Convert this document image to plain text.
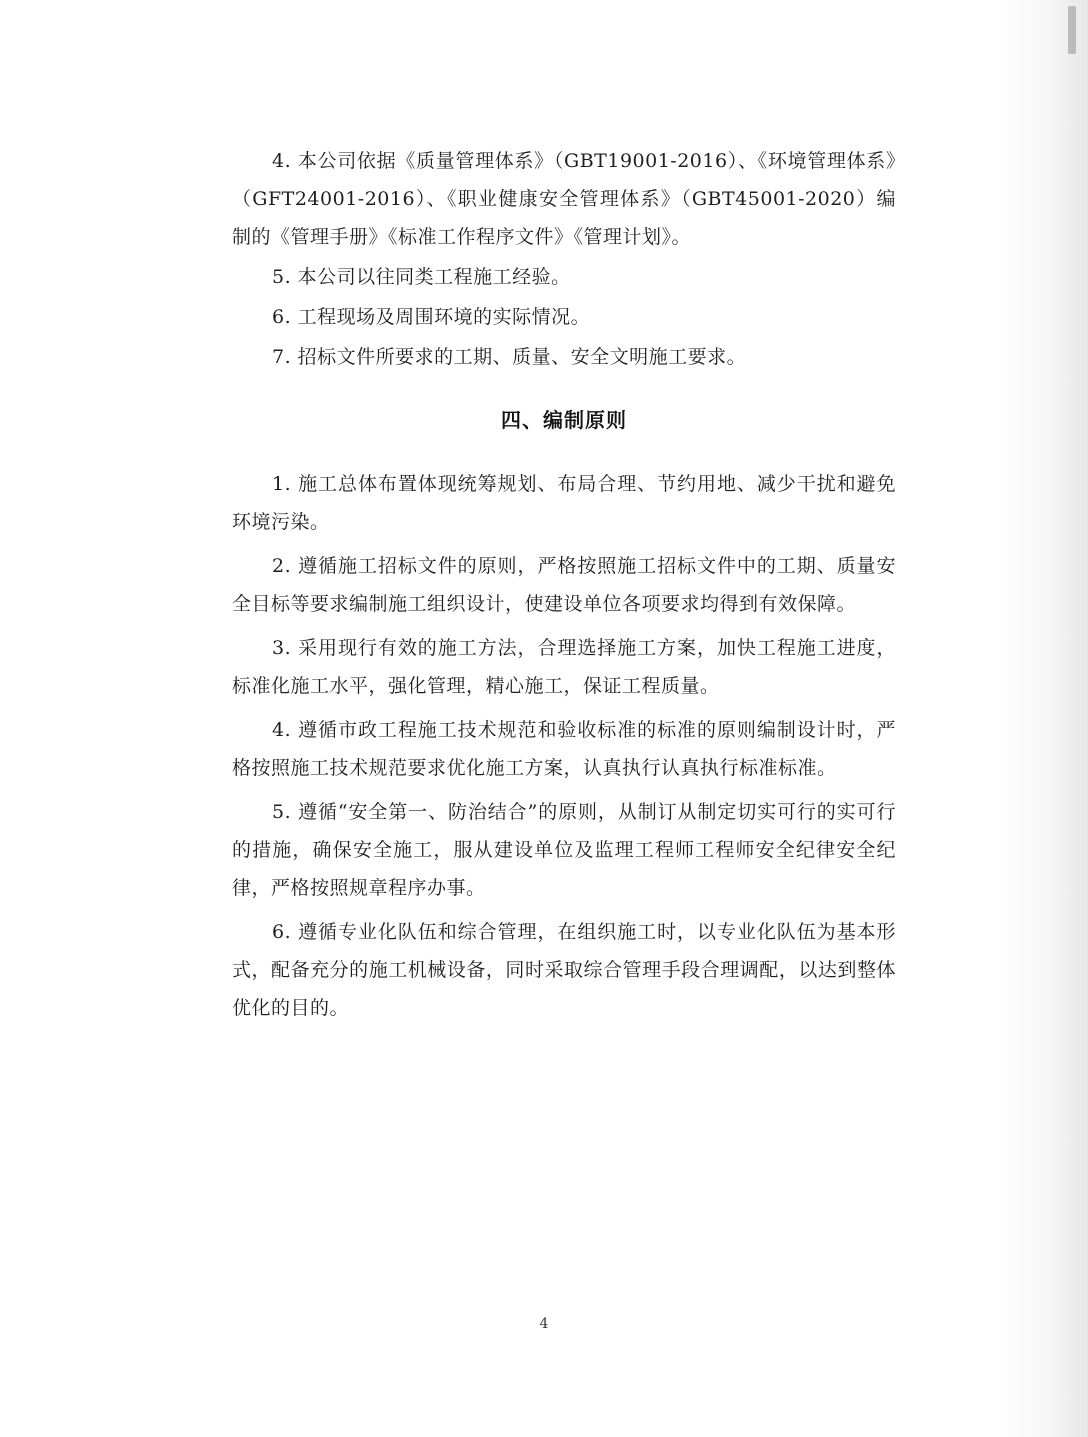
4. 本公司依据《质量管理体系》（GBT19001-2016）、《环境管理体系》（GFT24001-2016）、《职业健康安全管理体系》（GBT45001-2020）编制的《管理手册》《标准工作程序文件》《管理计划》。

5. 本公司以往同类工程施工经验。

6. 工程现场及周围环境的实际情况。

7. 招标文件所要求的工期、质量、安全文明施工要求。

四、编制原则

1. 施工总体布置体现统筹规划、布局合理、节约用地、减少干扰和避免环境污染。

2. 遵循施工招标文件的原则，严格按照施工招标文件中的工期、质量安全目标等要求编制施工组织设计，使建设单位各项要求均得到有效保障。

3. 采用现行有效的施工方法，合理选择施工方案，加快工程施工进度，标准化施工水平，强化管理，精心施工，保证工程质量。

4. 遵循市政工程施工技术规范和验收标准的标准的原则编制设计时，严格按照施工技术规范要求优化施工方案，认真执行认真执行标准标准。

5. 遵循“安全第一、防治结合”的原则，从制订从制定切实可行的实可行的措施，确保安全施工，服从建设单位及监理工程师工程师安全纪律安全纪律，严格按照规章程序办事。

6. 遵循专业化队伍和综合管理，在组织施工时，以专业化队伍为基本形式，配备充分的施工机械设备，同时采取综合管理手段合理调配，以达到整体优化的目的。

4
